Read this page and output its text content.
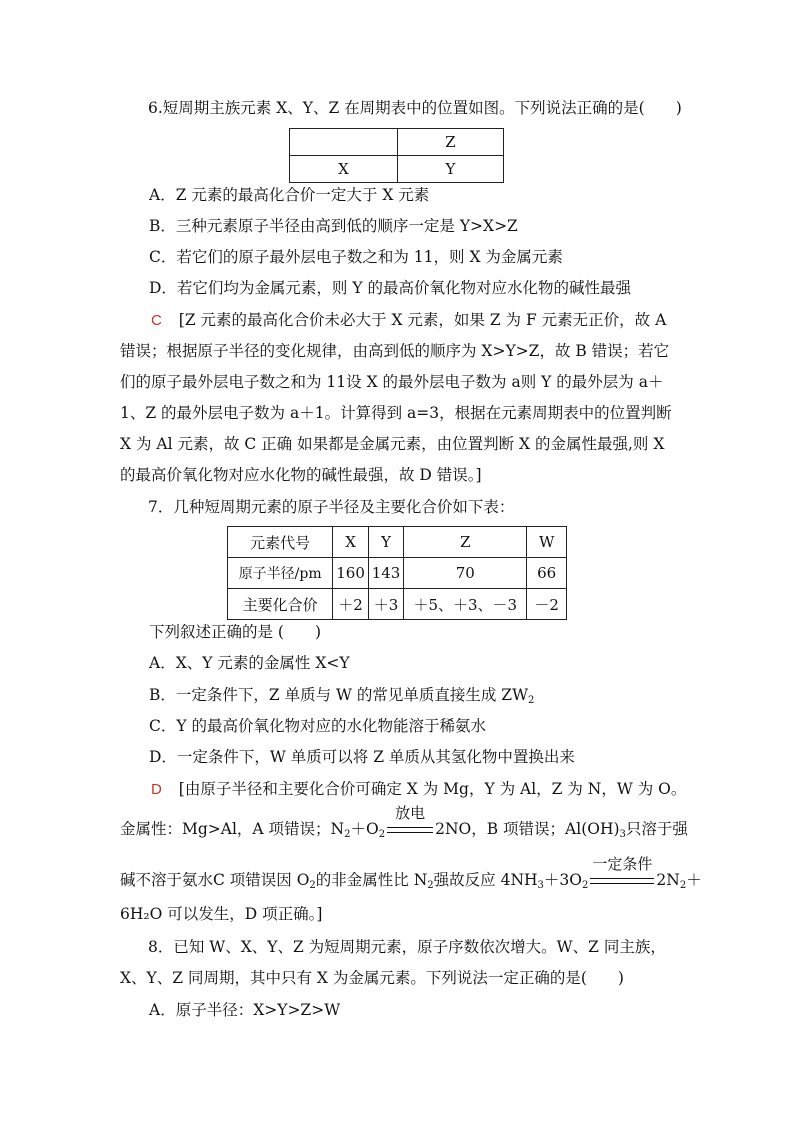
6.短周期主族元素 X、Y、Z 在周期表中的位置如图。下列说法正确的是(　　)
	Z
X	Y
A．Z 元素的最高化合价一定大于 X 元素
B．三种元素原子半径由高到低的顺序一定是 Y>X>Z
C．若它们的原子最外层电子数之和为 11，则 X 为金属元素
D．若它们均为金属元素，则 Y 的最高价氧化物对应水化物的碱性最强
C [Z 元素的最高化合价未必大于 X 元素，如果 Z 为 F 元素无正价，故 A
错误；根据原子半径的变化规律，由高到低的顺序为 X>Y>Z，故 B 错误；若它
们的原子最外层电子数之和为 11设 X 的最外层电子数为 a则 Y 的最外层为 a＋
1、Z 的最外层电子数为 a＋1。计算得到 a=3，根据在元素周期表中的位置判断
X 为 Al 元素，故 C 正确 如果都是金属元素，由位置判断 X 的金属性最强,则 X
的最高价氧化物对应水化物的碱性最强，故 D 错误。]
7．几种短周期元素的原子半径及主要化合价如下表：
元素代号	X	Y	Z	W
原子半径/pm	160	143	70	66
主要化合价	＋2	＋3	＋5、＋3、－3	－2
下列叙述正确的是 (　　)
A．X、Y 元素的金属性 X<Y
B．一定条件下，Z 单质与 W 的常见单质直接生成 $ZW_2$
C．Y 的最高价氧化物对应的水化物能溶于稀氨水
D．一定条件下，W 单质可以将 Z 单质从其氢化物中置换出来
D [由原子半径和主要化合价可确定 X 为 Mg，Y 为 Al，Z 为 N，W 为 O。
金属性：Mg>Al，A 项错误；$N_2+O_2$
放电
2NO，B 项错误；$Al(OH)_3$只溶于强
碱不溶于氨水C 项错误因 $O_2$的非金属性比 $N_2$强故反应 $4NH_3+3O_2$
一定条件
$2N_2+$
6H₂O 可以发生，D 项正确。]
8．已知 W、X、Y、Z 为短周期元素，原子序数依次增大。W、Z 同主族，
X、Y、Z 同周期，其中只有 X 为金属元素。下列说法一定正确的是(　　)
A．原子半径：X>Y>Z>W
